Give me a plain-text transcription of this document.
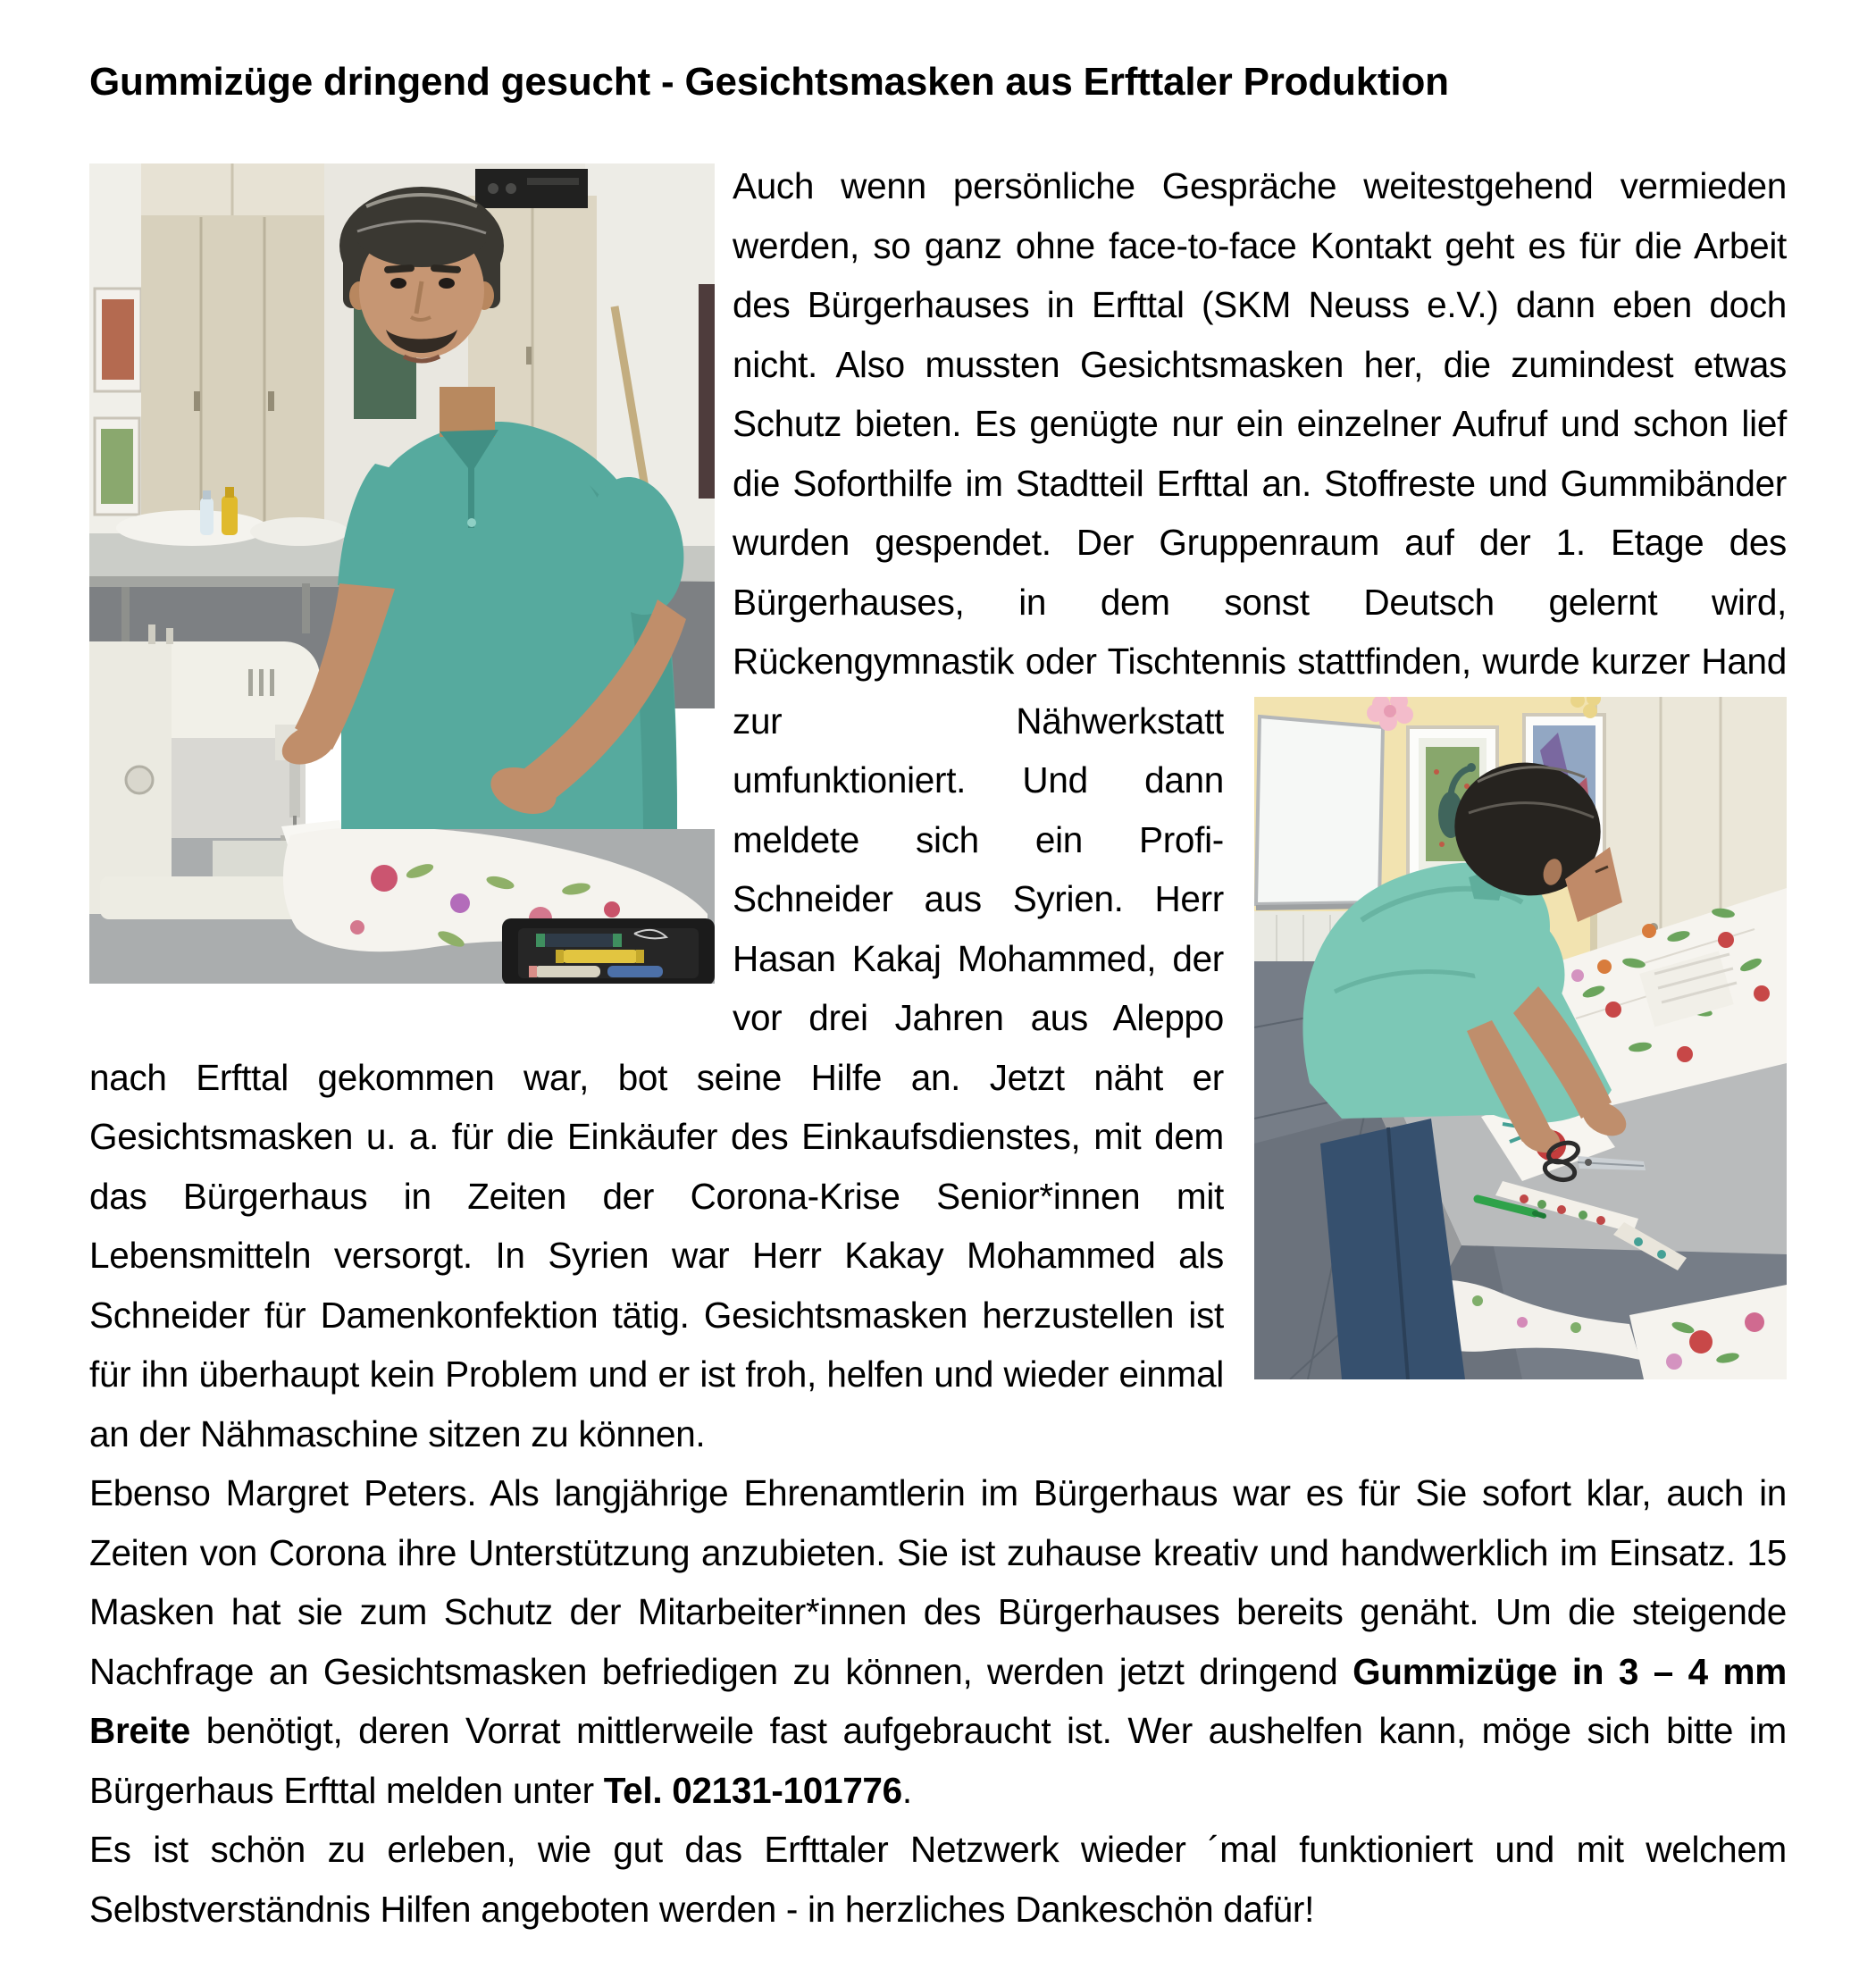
Gummizüge dringend gesucht - Gesichtsmasken aus Erfttaler Produktion

Auch wenn persönliche Gespräche weitestgehend vermieden werden, so ganz ohne face-to-face Kontakt geht es für die Arbeit des Bürgerhauses in Erfttal (SKM Neuss e.V.) dann eben doch nicht. Also mussten Gesichtsmasken her, die zumindest etwas Schutz bieten. Es genügte nur ein einzelner Aufruf und schon lief die Soforthilfe im Stadtteil Erfttal an. Stoffreste und Gummibänder wurden gespendet. Der Gruppenraum auf der 1. Etage des Bürgerhauses, in dem sonst Deutsch gelernt wird, Rückengymnastik oder Tischtennis stattfinden, wurde kurzer
Hand zur Nähwerkstatt umfunktioniert. Und dann meldete sich ein Profi-Schneider aus Syrien. Herr Hasan Kakaj Mohammed, der vor drei Jahren aus Aleppo nach Erfttal gekommen war, bot seine Hilfe an. Jetzt näht er Gesichtsmasken u. a. für die Einkäufer des Einkaufsdienstes, mit dem das Bürgerhaus in Zeiten der Corona-Krise Senior*innen mit Lebensmitteln versorgt. In Syrien war Herr Kakay Mohammed als Schneider für Damenkonfektion tätig. Gesichtsmasken herzustellen ist für ihn überhaupt kein Problem und er ist froh, helfen und wieder einmal an der Nähmaschine sitzen zu können.

Ebenso Margret Peters. Als langjährige Ehrenamtlerin im Bürgerhaus war es für Sie sofort klar, auch in Zeiten von Corona ihre Unterstützung anzubieten. Sie ist zuhause kreativ und handwerklich im Einsatz. 15 Masken hat sie zum Schutz der Mitarbeiter*innen des Bürgerhauses bereits genäht. Um die steigende Nachfrage an Gesichtsmasken befriedigen zu können, werden jetzt dringend Gummizüge in 3 – 4 mm Breite benötigt, deren Vorrat mittlerweile fast aufgebraucht ist. Wer aushelfen kann, möge sich bitte im Bürgerhaus Erfttal melden unter Tel. 02131-101776.

Es ist schön zu erleben, wie gut das Erfttaler Netzwerk wieder ´mal funktioniert und mit welchem Selbstverständnis Hilfen angeboten werden - in herzliches Dankeschön dafür!
